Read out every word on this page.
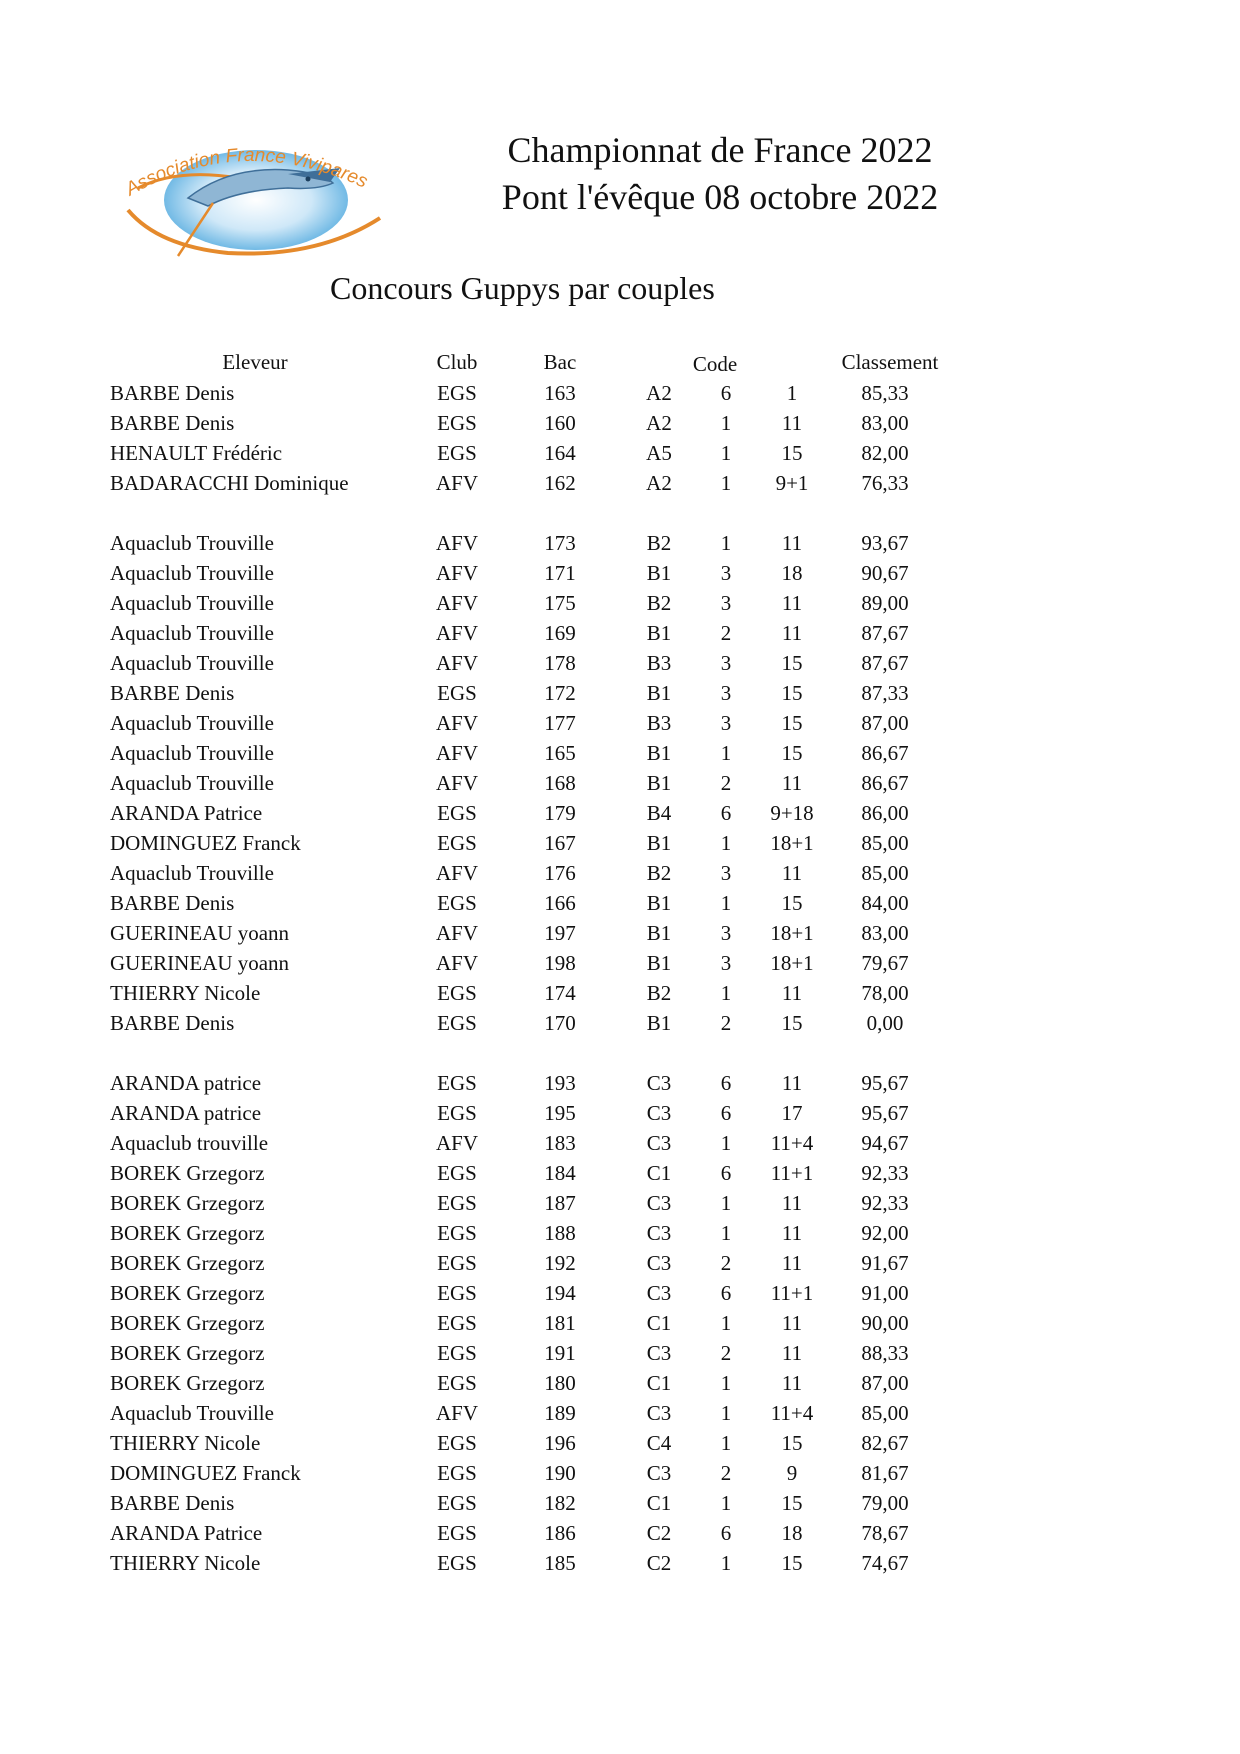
Association France Vivipares
Championnat de France 2022
Pont l'évêque 08 octobre 2022
Concours Guppys par couples
Eleveur	Club	Bac	Code	Classement
BARBE Denis	EGS	163	A2	6	1	85,33
BARBE Denis	EGS	160	A2	1	11	83,00
HENAULT Frédéric	EGS	164	A5	1	15	82,00
BADARACCHI Dominique	AFV	162	A2	1	9+1	76,33
Aquaclub Trouville	AFV	173	B2	1	11	93,67
Aquaclub Trouville	AFV	171	B1	3	18	90,67
Aquaclub Trouville	AFV	175	B2	3	11	89,00
Aquaclub Trouville	AFV	169	B1	2	11	87,67
Aquaclub Trouville	AFV	178	B3	3	15	87,67
BARBE Denis	EGS	172	B1	3	15	87,33
Aquaclub Trouville	AFV	177	B3	3	15	87,00
Aquaclub Trouville	AFV	165	B1	1	15	86,67
Aquaclub Trouville	AFV	168	B1	2	11	86,67
ARANDA Patrice	EGS	179	B4	6	9+18	86,00
DOMINGUEZ Franck	EGS	167	B1	1	18+1	85,00
Aquaclub Trouville	AFV	176	B2	3	11	85,00
BARBE Denis	EGS	166	B1	1	15	84,00
GUERINEAU yoann	AFV	197	B1	3	18+1	83,00
GUERINEAU yoann	AFV	198	B1	3	18+1	79,67
THIERRY Nicole	EGS	174	B2	1	11	78,00
BARBE Denis	EGS	170	B1	2	15	0,00
ARANDA patrice	EGS	193	C3	6	11	95,67
ARANDA patrice	EGS	195	C3	6	17	95,67
Aquaclub trouville	AFV	183	C3	1	11+4	94,67
BOREK Grzegorz	EGS	184	C1	6	11+1	92,33
BOREK Grzegorz	EGS	187	C3	1	11	92,33
BOREK Grzegorz	EGS	188	C3	1	11	92,00
BOREK Grzegorz	EGS	192	C3	2	11	91,67
BOREK Grzegorz	EGS	194	C3	6	11+1	91,00
BOREK Grzegorz	EGS	181	C1	1	11	90,00
BOREK Grzegorz	EGS	191	C3	2	11	88,33
BOREK Grzegorz	EGS	180	C1	1	11	87,00
Aquaclub Trouville	AFV	189	C3	1	11+4	85,00
THIERRY Nicole	EGS	196	C4	1	15	82,67
DOMINGUEZ Franck	EGS	190	C3	2	9	81,67
BARBE Denis	EGS	182	C1	1	15	79,00
ARANDA Patrice	EGS	186	C2	6	18	78,67
THIERRY Nicole	EGS	185	C2	1	15	74,67
